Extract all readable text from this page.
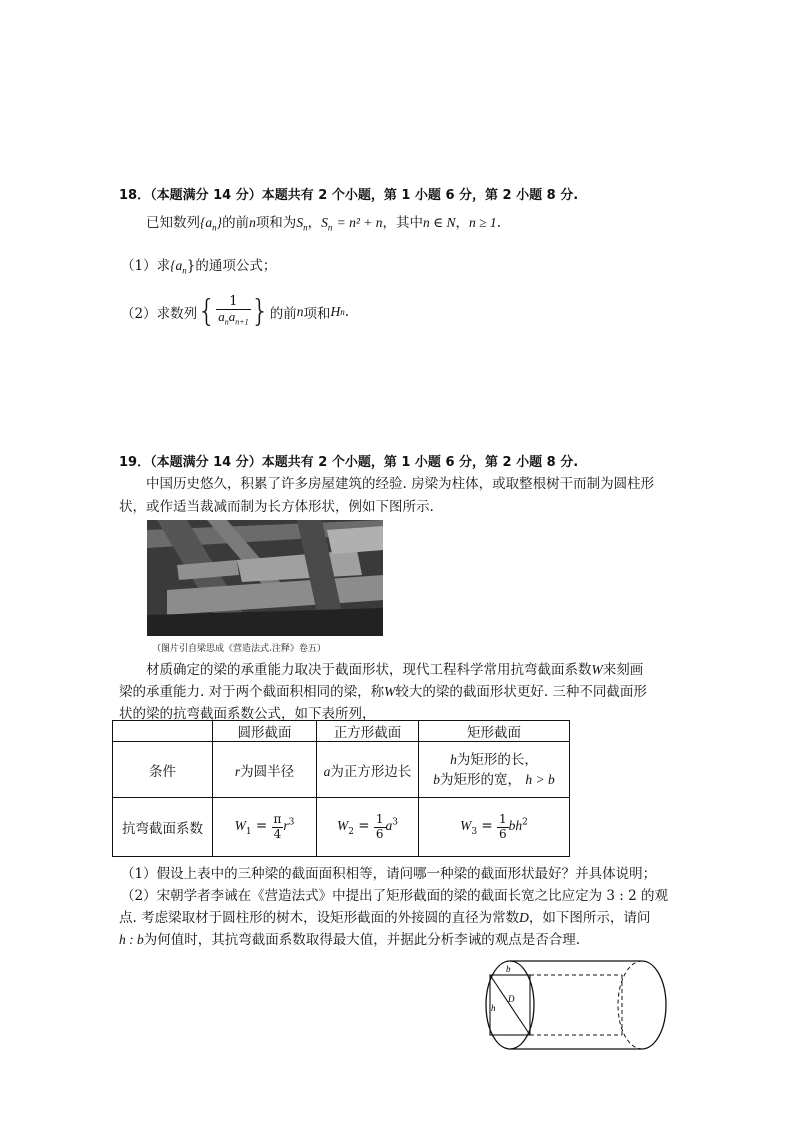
18．（本题满分 14 分）本题共有 2 个小题，第 1 小题 6 分，第 2 小题 8 分.
已知数列$\{a_n\}$的前n项和为$S_n$，$S_n = n^2 + n$，其中n ∈ N，n ≥ 1.
（1）求$\{a_n\}$的通项公式；
（2）求数列 { $\frac{1}{a_na_{n+1}}$ } 的前 n 项和 H n .
19．（本题满分 14 分）本题共有 2 个小题，第 1 小题 6 分，第 2 小题 8 分.
中国历史悠久，积累了许多房屋建筑的经验. 房梁为柱体，或取整根树干而制为圆柱形
状，或作适当裁减而制为长方体形状，例如下图所示.
（图片引自梁思成《营造法式.注释》卷五）
材质确定的梁的承重能力取决于截面形状，现代工程科学常用抗弯截面系数W来刻画
梁的承重能力. 对于两个截面积相同的梁，称W较大的梁的截面形状更好. 三种不同截面形
状的梁的抗弯截面系数公式，如下表所列，
	圆形截面	正方形截面	矩形截面
条件	r为圆半径	a为正方形边长	h为矩形的长，
b为矩形的宽， h > b

抗弯截面系数	$W_1 = \frac{\pi}{4} r^3$	$W_2 = \frac{1}{6} a^3$	$W_3 = \frac{1}{6} bh^2$
（1）假设上表中的三种梁的截面面积相等，请问哪一种梁的截面形状最好？并具体说明；
（2）宋朝学者李诫在《营造法式》中提出了矩形截面的梁的截面长宽之比应定为 3 : 2 的观
点. 考虑梁取材于圆柱形的树木，设矩形截面的外接圆的直径为常数D，如下图所示，请问
h : b为何值时，其抗弯截面系数取得最大值，并据此分析李诫的观点是否合理.
b
D
h
